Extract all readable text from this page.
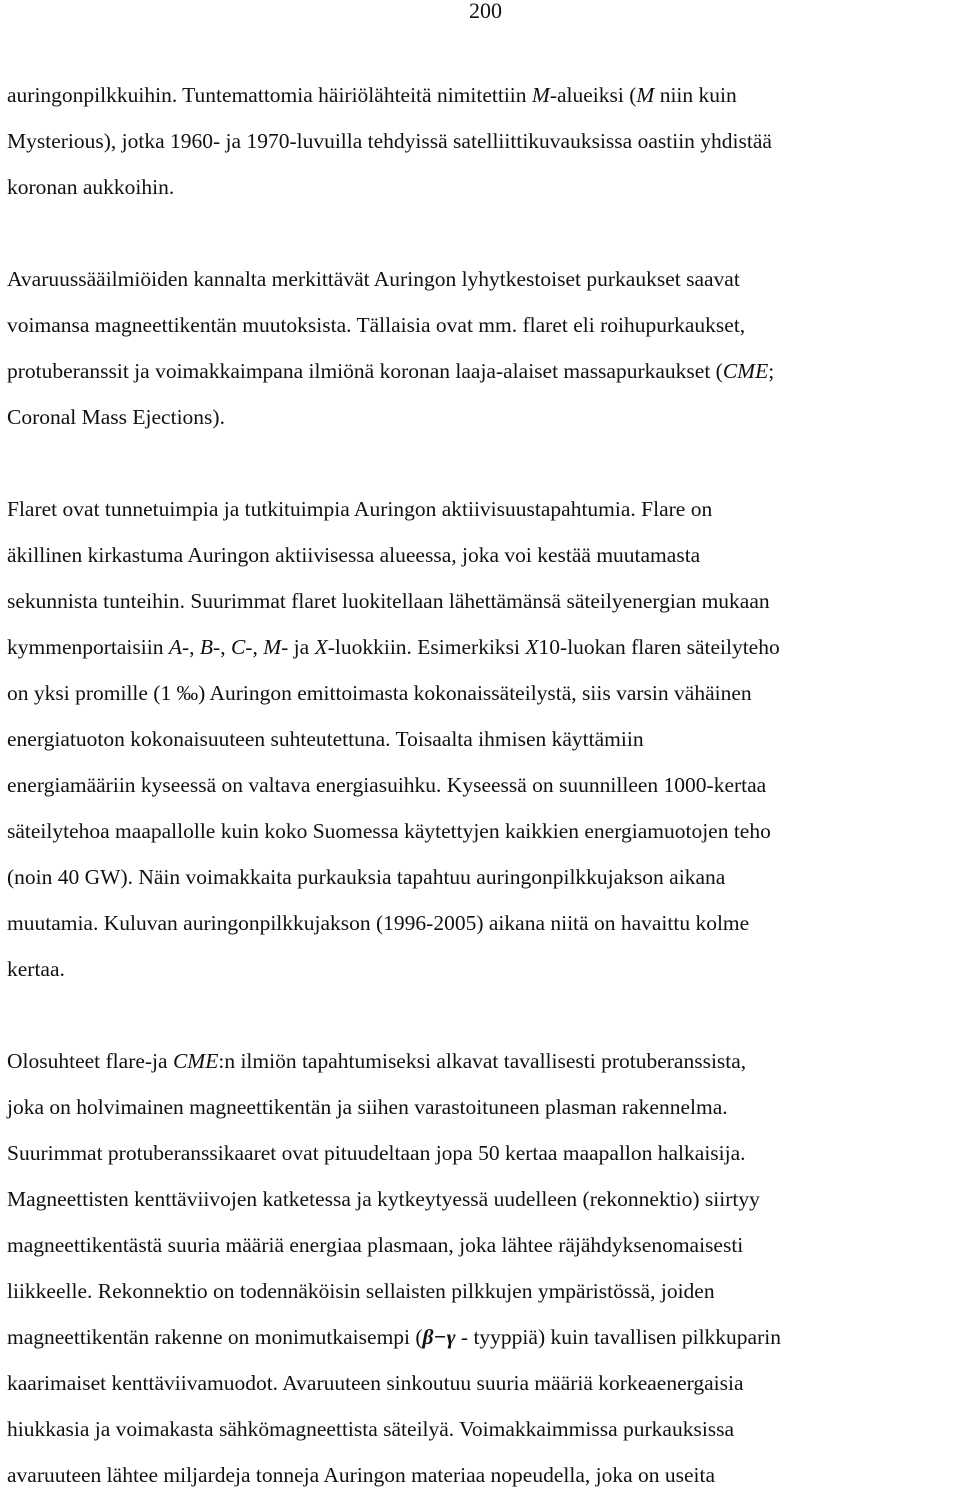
200
auringonpilkkuihin. Tuntemattomia häiriölähteitä nimitettiin M-alueiksi (M niin kuin
Mysterious), jotka 1960- ja 1970-luvuilla tehdyissä satelliittikuvauksissa oastiin yhdistää
koronan aukkoihin.
Avaruussääilmiöiden kannalta merkittävät Auringon lyhytkestoiset purkaukset saavat
voimansa magneettikentän muutoksista. Tällaisia ovat mm. flaret eli roihupurkaukset,
protuberanssit ja voimakkaimpana ilmiönä koronan laaja-alaiset massapurkaukset (CME;
Coronal Mass Ejections).
Flaret ovat tunnetuimpia ja tutkituimpia Auringon aktiivisuustapahtumia. Flare on
äkillinen kirkastuma Auringon aktiivisessa alueessa, joka voi kestää muutamasta
sekunnista tunteihin. Suurimmat flaret luokitellaan lähettämänsä säteilyenergian mukaan
kymmenportaisiin A-, B-, C-, M- ja X-luokkiin. Esimerkiksi X10-luokan flaren säteilyteho
on yksi promille (1 ‰) Auringon emittoimasta kokonaissäteilystä, siis varsin vähäinen
energiatuoton kokonaisuuteen suhteutettuna. Toisaalta ihmisen käyttämiin
energiamääriin kyseessä on valtava energiasuihku. Kyseessä on suunnilleen 1000-kertaa
säteilytehoa maapallolle kuin koko Suomessa käytettyjen kaikkien energiamuotojen teho
(noin 40 GW). Näin voimakkaita purkauksia tapahtuu auringonpilkkujakson aikana
muutamia. Kuluvan auringonpilkkujakson (1996-2005) aikana niitä on havaittu kolme
kertaa.
Olosuhteet flare-ja CME:n ilmiön tapahtumiseksi alkavat tavallisesti protuberanssista,
joka on holvimainen magneettikentän ja siihen varastoituneen plasman rakennelma.
Suurimmat protuberanssikaaret ovat pituudeltaan jopa 50 kertaa maapallon halkaisija.
Magneettisten kenttäviivojen katketessa ja kytkeytyessä uudelleen (rekonnektio) siirtyy
magneettikentästä suuria määriä energiaa plasmaan, joka lähtee räjähdyksenomaisesti
liikkeelle. Rekonnektio on todennäköisin sellaisten pilkkujen ympäristössä, joiden
magneettikentän rakenne on monimutkaisempi (β−γ - tyyppiä) kuin tavallisen pilkkuparin
kaarimaiset kenttäviivamuodot. Avaruuteen sinkoutuu suuria määriä korkeaenergaisia
hiukkasia ja voimakasta sähkömagneettista säteilyä. Voimakkaimmissa purkauksissa
avaruuteen lähtee miljardeja tonneja Auringon materiaa nopeudella, joka on useita
